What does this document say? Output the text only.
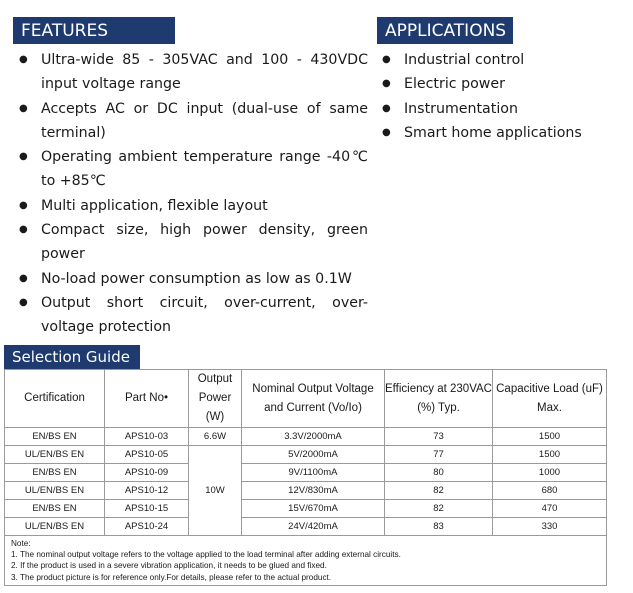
FEATURES
● Ultra-wide 85 - 305VAC and 100 - 430VDC input voltage range
● Accepts AC or DC input (dual-use of same terminal)
● Operating ambient temperature range -40℃ to +85℃
● Multi application, flexible layout
● Compact size, high power density, green power
● No-load power consumption as low as 0.1W
● Output short circuit, over-current, over-voltage protection
APPLICATIONS
● Industrial control
● Electric power
● Instrumentation
● Smart home applications
Selection Guide
Certification	Part No•	Output Power (W)	Nominal Output Voltage and Current (Vo/Io)	Efficiency at 230VAC (%) Typ.	Capacitive Load (uF) Max.
EN/BS EN	APS10-03	6.6W	3.3V/2000mA	73	1500
UL/EN/BS EN	APS10-05	10W	5V/2000mA	77	1500
EN/BS EN	APS10-09		9V/1100mA	80	1000
UL/EN/BS EN	APS10-12		12V/830mA	82	680
EN/BS EN	APS10-15		15V/670mA	82	470
UL/EN/BS EN	APS10-24		24V/420mA	83	330

Note:
1. The nominal output voltage refers to the voltage applied to the load terminal after adding external circuits.
2. If the product is used in a severe vibration application, it needs to be glued and fixed.
3. The product picture is for reference only.For details, please refer to the actual product.					
